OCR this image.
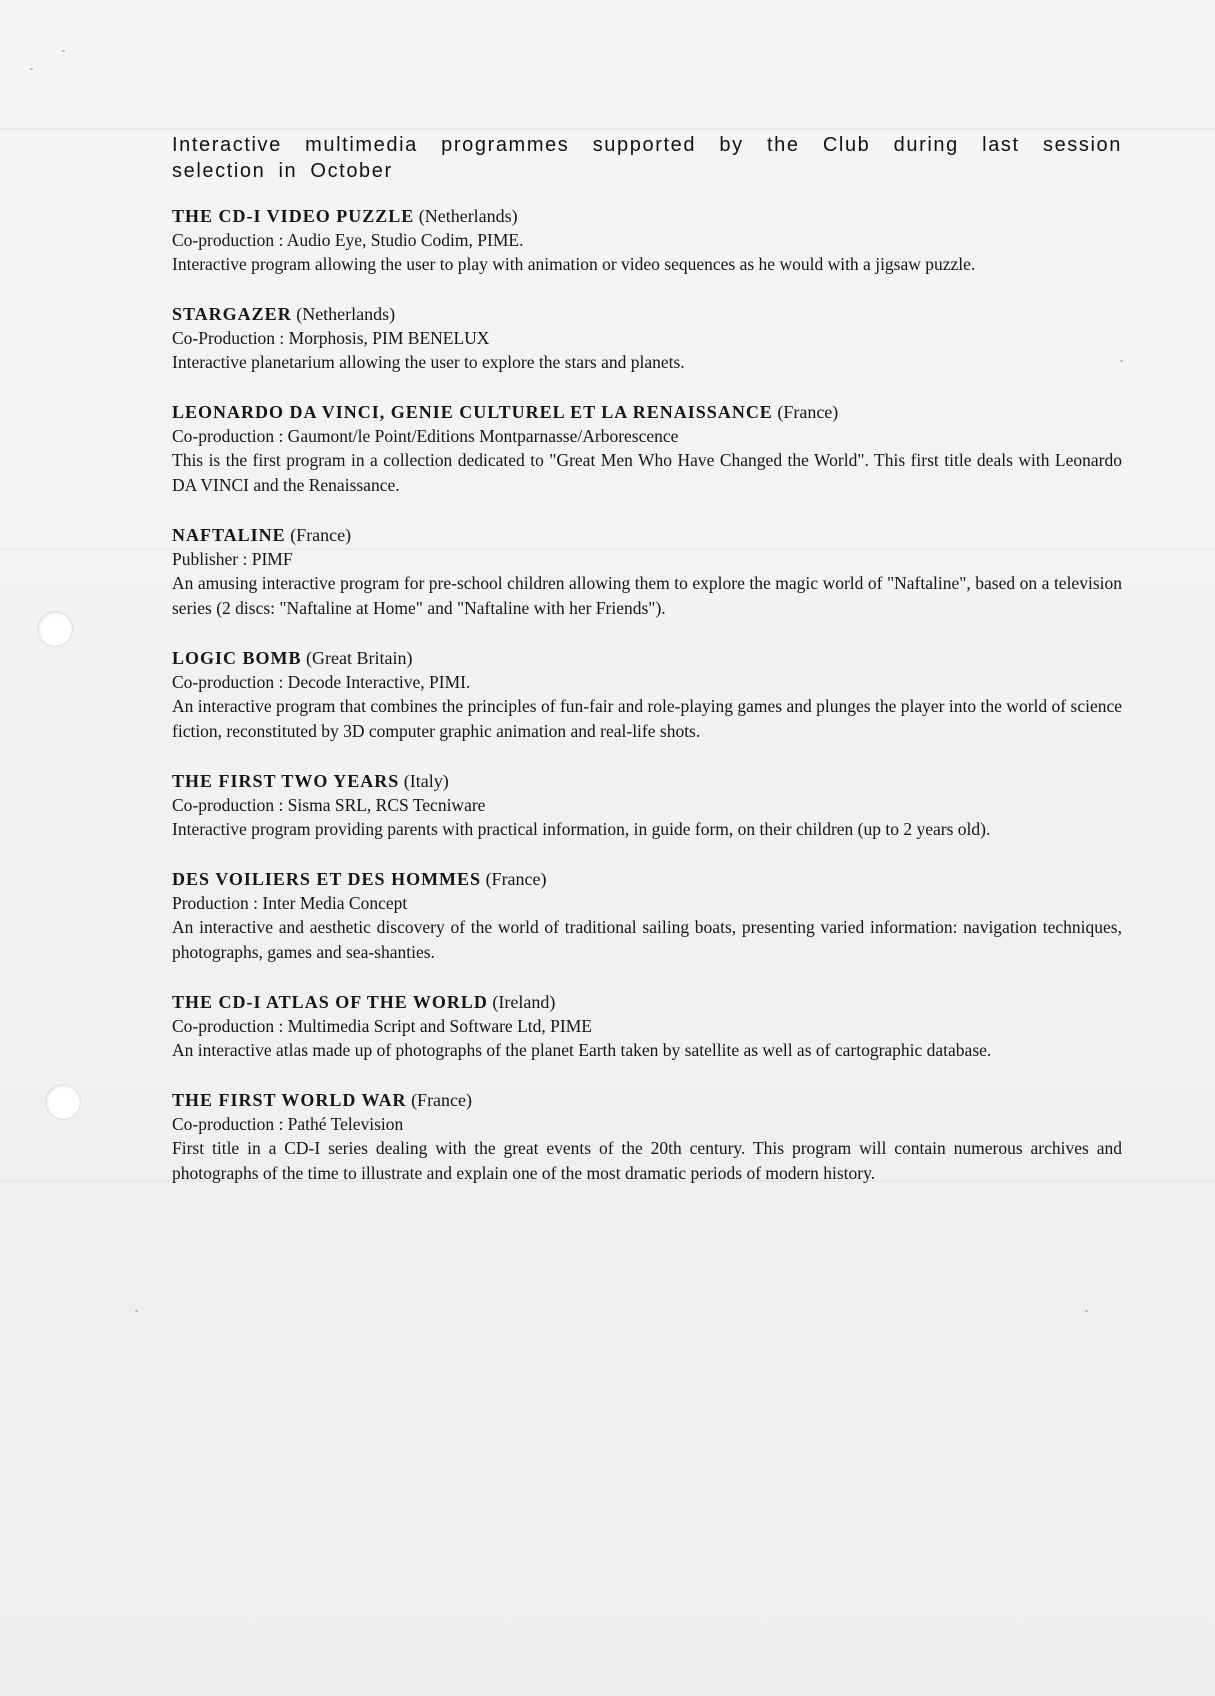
Interactive multimedia programmes supported by the Club during last session selection in October
THE CD-I VIDEO PUZZLE (Netherlands)
Co-production : Audio Eye, Studio Codim, PIME.
Interactive program allowing the user to play with animation or video sequences as he would with a jigsaw puzzle.
STARGAZER (Netherlands)
Co-Production : Morphosis, PIM BENELUX
Interactive planetarium allowing the user to explore the stars and planets.
LEONARDO DA VINCI, GENIE CULTUREL ET LA RENAISSANCE (France)
Co-production : Gaumont/le Point/Editions Montparnasse/Arborescence
This is the first program in a collection dedicated to "Great Men Who Have Changed the World". This first title deals with Leonardo DA VINCI and the Renaissance.
NAFTALINE (France)
Publisher : PIMF
An amusing interactive program for pre-school children allowing them to explore the magic world of "Naftaline", based on a television series (2 discs: "Naftaline at Home" and "Naftaline with her Friends").
LOGIC BOMB (Great Britain)
Co-production : Decode Interactive, PIMI.
An interactive program that combines the principles of fun-fair and role-playing games and plunges the player into the world of science fiction, reconstituted by 3D computer graphic animation and real-life shots.
THE FIRST TWO YEARS (Italy)
Co-production : Sisma SRL, RCS Tecniware
Interactive program providing parents with practical information, in guide form, on their children (up to 2 years old).
DES VOILIERS ET DES HOMMES (France)
Production : Inter Media Concept
An interactive and aesthetic discovery of the world of traditional sailing boats, presenting varied information: navigation techniques, photographs, games and sea-shanties.
THE CD-I ATLAS OF THE WORLD (Ireland)
Co-production : Multimedia Script and Software Ltd, PIME
An interactive atlas made up of photographs of the planet Earth taken by satellite as well as of cartographic database.
THE FIRST WORLD WAR (France)
Co-production : Pathé Television
First title in a CD-I series dealing with the great events of the 20th century. This program will contain numerous archives and photographs of the time to illustrate and explain one of the most dramatic periods of modern history.
